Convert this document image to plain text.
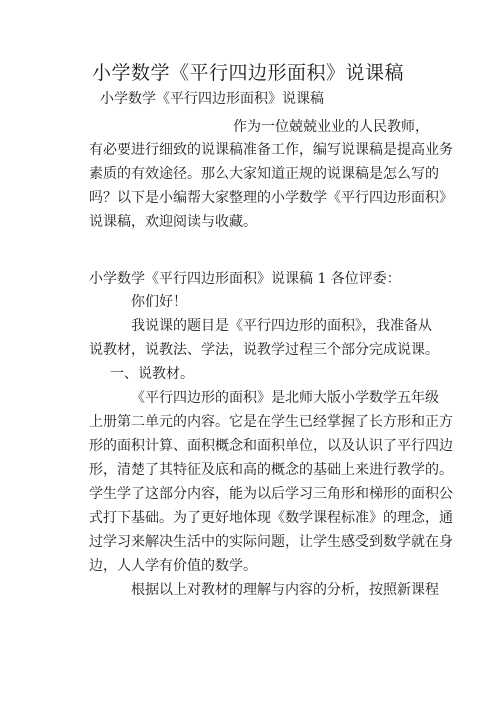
小学数学《平行四边形面积》说课稿
小学数学《平行四边形面积》说课稿
作为一位兢兢业业的人民教师，
有必要进行细致的说课稿准备工作，编写说课稿是提高业务
素质的有效途径。那么大家知道正规的说课稿是怎么写的
吗？以下是小编帮大家整理的小学数学《平行四边形面积》
说课稿，欢迎阅读与收藏。
小学数学《平行四边形面积》说课稿 1 各位评委：
你们好！
我说课的题目是《平行四边形的面积》，我准备从
说教材，说教法、学法，说教学过程三个部分完成说课。
一、说教材。
《平行四边形的面积》是北师大版小学数学五年级
上册第二单元的内容。它是在学生已经掌握了长方形和正方
形的面积计算、面积概念和面积单位，以及认识了平行四边
形，清楚了其特征及底和高的概念的基础上来进行教学的。
学生学了这部分内容，能为以后学习三角形和梯形的面积公
式打下基础。为了更好地体现《数学课程标准》的理念，通
过学习来解决生活中的实际问题，让学生感受到数学就在身
边，人人学有价值的数学。
根据以上对教材的理解与内容的分析，按照新课程
